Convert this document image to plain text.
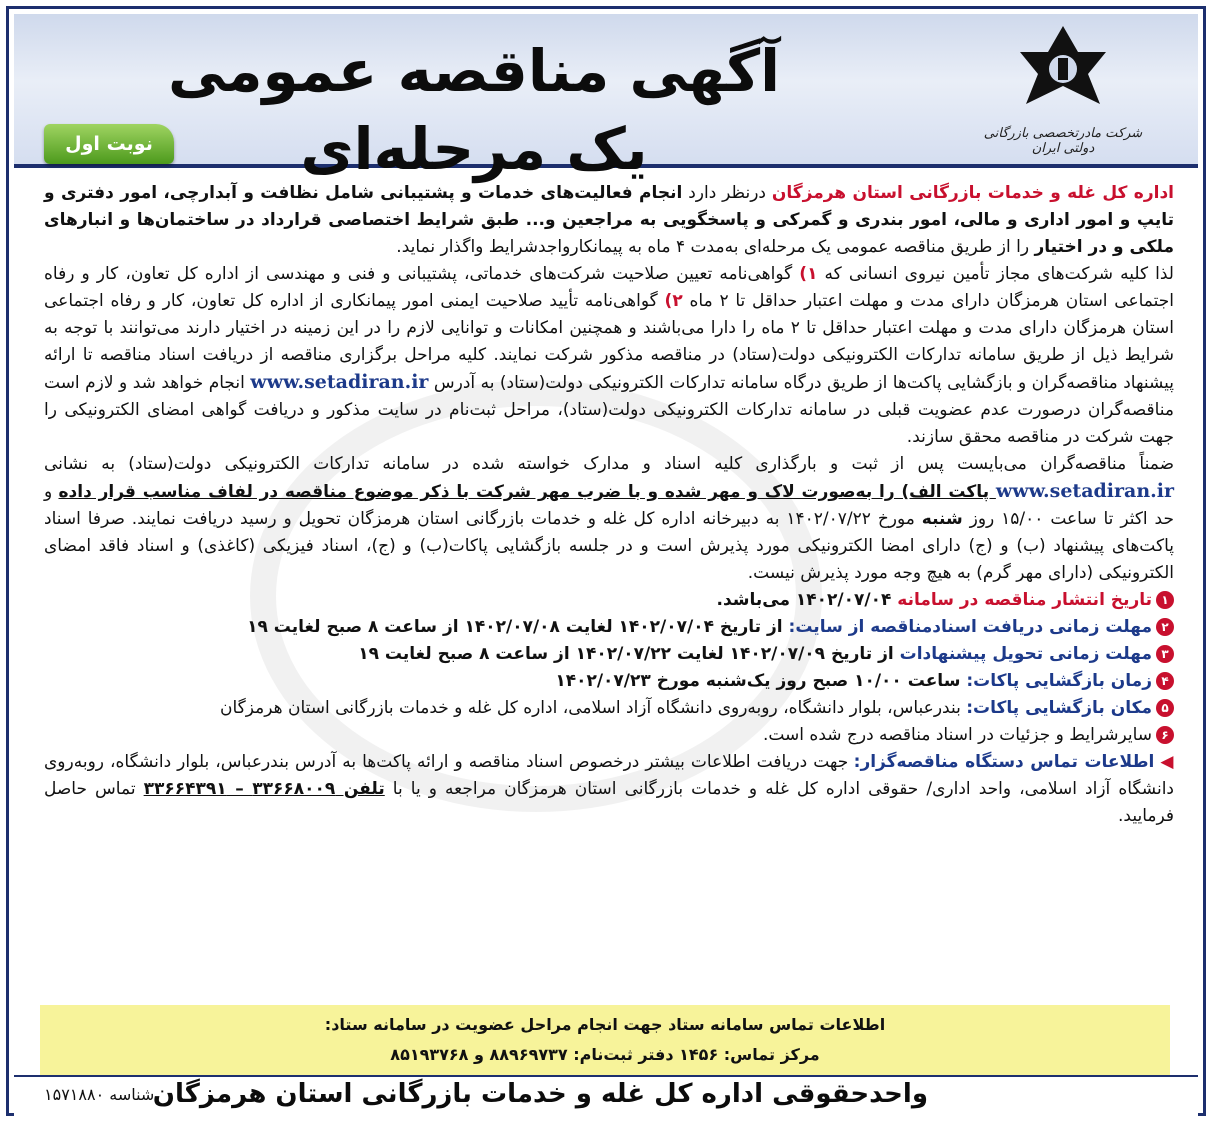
آگهی مناقصه عمومی یک مرحله‌ای	شرکت مادرتخصصی بازرگانی دولتی ایران
نوبت اول

اداره کل غله و خدمات بازرگانی استان هرمزگان درنظر دارد انجام فعالیت‌های خدمات و پشتیبانی شامل نظافت و آبدارچی، امور دفتری و تایپ و امور اداری و مالی، امور بندری و گمرکی و پاسخگویی به مراجعین و... طبق شرایط اختصاصی قرارداد در ساختمان‌ها و انبارهای ملکی و در اختیار را از طریق مناقصه عمومی یک مرحله‌ای به‌مدت ۴ ماه به پیمانکارواجدشرایط واگذار نماید.

لذا کلیه شرکت‌های مجاز تأمین نیروی انسانی که ۱) گواهی‌نامه تعیین صلاحیت شرکت‌های خدماتی، پشتیبانی و فنی و مهندسی از اداره کل تعاون، کار و رفاه اجتماعی استان هرمزگان دارای مدت و مهلت اعتبار حداقل تا ۲ ماه ۲) گواهی‌نامه تأیید صلاحیت ایمنی امور پیمانکاری از اداره کل تعاون، کار و رفاه اجتماعی استان هرمزگان دارای مدت و مهلت اعتبار حداقل تا ۲ ماه را دارا می‌باشند و همچنین امکانات و توانایی لازم را در این زمینه در اختیار دارند می‌توانند با توجه به شرایط ذیل از طریق سامانه تدارکات الکترونیکی دولت(ستاد) در مناقصه مذکور شرکت نمایند. کلیه مراحل برگزاری مناقصه از دریافت اسناد مناقصه تا ارائه پیشنهاد مناقصه‌گران و بازگشایی پاکت‌ها از طریق درگاه سامانه تدارکات الکترونیکی دولت(ستاد) به آدرس www.setadiran.ir انجام خواهد شد و لازم است مناقصه‌گران درصورت عدم عضویت قبلی در سامانه تدارکات الکترونیکی دولت(ستاد)، مراحل ثبت‌نام در سایت مذکور و دریافت گواهی امضای الکترونیکی را جهت شرکت در مناقصه محقق سازند.

ضمناً مناقصه‌گران می‌بایست پس از ثبت و بارگذاری کلیه اسناد و مدارک خواسته شده در سامانه تدارکات الکترونیکی دولت(ستاد) به نشانی www.setadiran.ir پاکت الف) را به‌صورت لاک و مهر شده و با ضرب مهر شرکت با ذکر موضوع مناقصه در لفاف مناسب قرار داده و حد اکثر تا ساعت ۱۵/۰۰ روز شنبه مورخ ۱۴۰۲/۰۷/۲۲ به دبیرخانه اداره کل غله و خدمات بازرگانی استان هرمزگان تحویل و رسید دریافت نمایند. صرفا اسناد پاکت‌های پیشنهاد (ب) و (ج) دارای امضا الکترونیکی مورد پذیرش است و در جلسه بازگشایی پاکات(ب) و (ج)، اسناد فیزیکی (کاغذی) و اسناد فاقد امضای الکترونیکی (دارای مهر گرم) به هیچ وجه مورد پذیرش نیست.

۱تاریخ انتشار مناقصه در سامانه ۱۴۰۲/۰۷/۰۴ می‌باشد.

۲مهلت زمانی دریافت اسنادمناقصه از سایت: از تاریخ ۱۴۰۲/۰۷/۰۴ لغایت ۱۴۰۲/۰۷/۰۸ از ساعت ۸ صبح لغایت ۱۹

۳مهلت زمانی تحویل پیشنهادات از تاریخ ۱۴۰۲/۰۷/۰۹ لغایت ۱۴۰۲/۰۷/۲۲ از ساعت ۸ صبح لغایت ۱۹

۴زمان بازگشایی پاکات: ساعت ۱۰/۰۰ صبح روز یک‌شنبه مورخ ۱۴۰۲/۰۷/۲۳

۵مکان بازگشایی پاکات: بندرعباس، بلوار دانشگاه، روبه‌روی دانشگاه آزاد اسلامی، اداره کل غله و خدمات بازرگانی استان هرمزگان

۶سایرشرایط و جزئیات در اسناد مناقصه درج شده است.

◀ اطلاعات تماس دستگاه مناقصه‌گزار: جهت دریافت اطلاعات بیشتر درخصوص اسناد مناقصه و ارائه پاکت‌ها به آدرس بندرعباس، بلوار دانشگاه، روبه‌روی دانشگاه آزاد اسلامی، واحد اداری/ حقوقی اداره کل غله و خدمات بازرگانی استان هرمزگان مراجعه و یا با تلفن ۳۳۶۶۸۰۰۹ – ۳۳۶۶۴۳۹۱ تماس حاصل فرمایید.

اطلاعات تماس سامانه ستاد جهت انجام مراحل عضویت در سامانه ستاد:
مرکز تماس: ۱۴۵۶ دفتر ثبت‌نام: ۸۸۹۶۹۷۳۷ و ۸۵۱۹۳۷۶۸
واحدحقوقی اداره کل غله و خدمات بازرگانی استان هرمزگان
شناسه ۱۵۷۱۸۸۰
